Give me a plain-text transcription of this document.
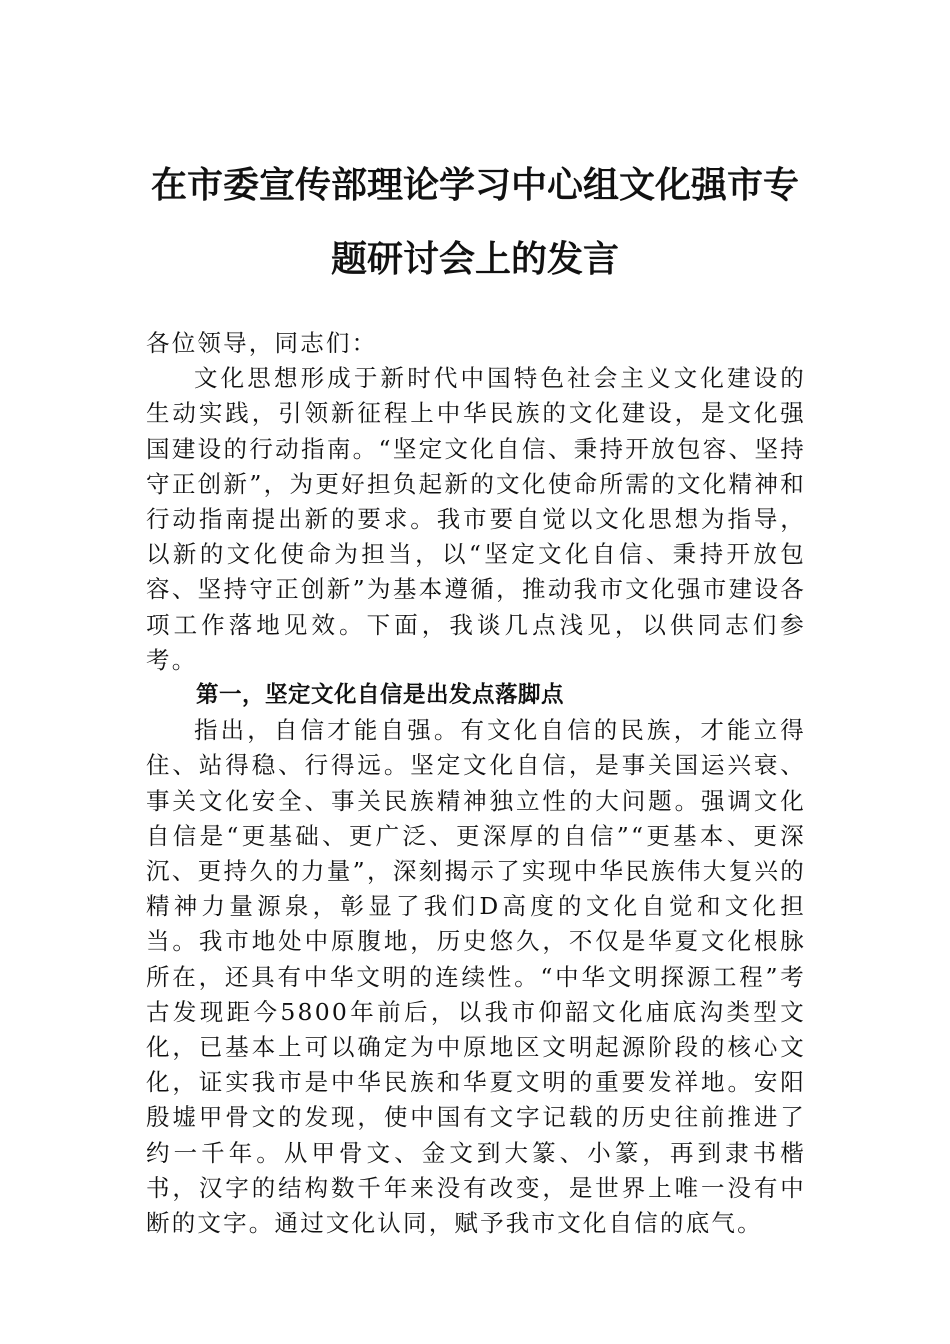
在市委宣传部理论学习中心组文化强市专
题研讨会上的发言

各位领导，同志们：

文化思想形成于新时代中国特色社会主义文化建设的生动实践，引领新征程上中华民族的文化建设，是文化强国建设的行动指南。“坚定文化自信、秉持开放包容、坚持守正创新”，为更好担负起新的文化使命所需的文化精神和行动指南提出新的要求。我市要自觉以文化思想为指导，以新的文化使命为担当，以“坚定文化自信、秉持开放包容、坚持守正创新”为基本遵循，推动我市文化强市建设各项工作落地见效。下面，我谈几点浅见，以供同志们参考。

第一，坚定文化自信是出发点落脚点

指出，自信才能自强。有文化自信的民族，才能立得住、站得稳、行得远。坚定文化自信，是事关国运兴衰、事关文化安全、事关民族精神独立性的大问题。强调文化自信是“更基础、更广泛、更深厚的自信”“更基本、更深沉、更持久的力量”，深刻揭示了实现中华民族伟大复兴的精神力量源泉，彰显了我们D高度的文化自觉和文化担当。我市地处中原腹地，历史悠久，不仅是华夏文化根脉所在，还具有中华文明的连续性。“中华文明探源工程”考古发现距今5800年前后，以我市仰韶文化庙底沟类型文化，已基本上可以确定为中原地区文明起源阶段的核心文化，证实我市是中华民族和华夏文明的重要发祥地。安阳殷墟甲骨文的发现，使中国有文字记载的历史往前推进了约一千年。从甲骨文、金文到大篆、小篆，再到隶书楷书，汉字的结构数千年来没有改变，是世界上唯一没有中断的文字。通过文化认同，赋予我市文化自信的底气。
